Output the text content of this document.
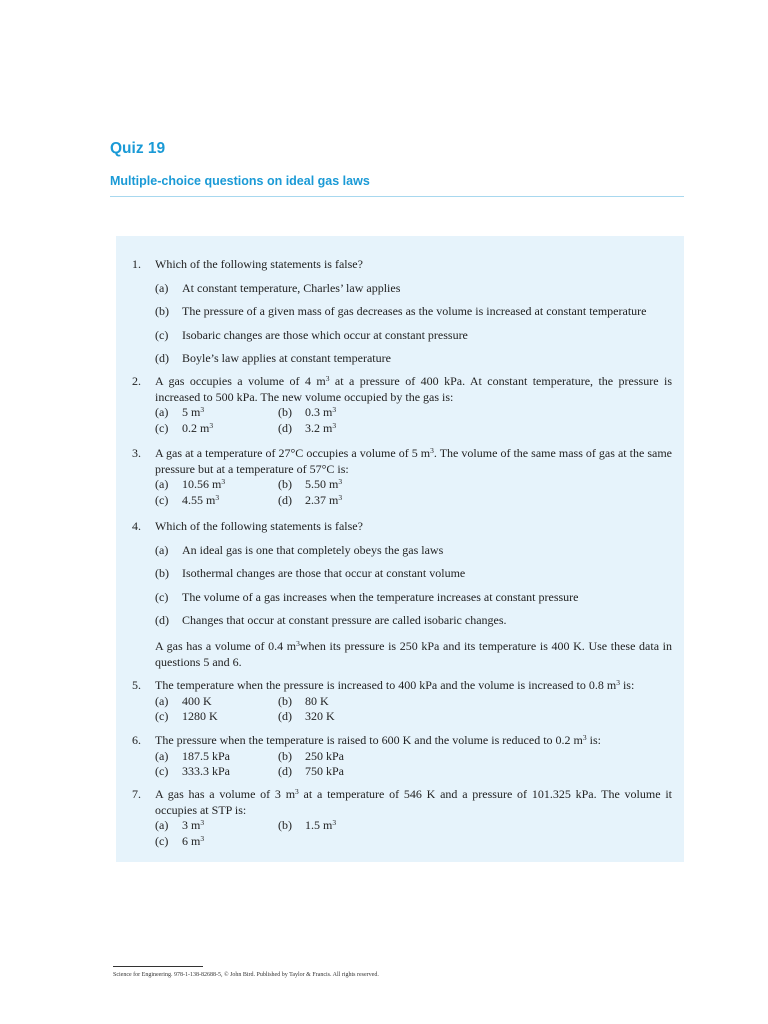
Quiz 19
Multiple-choice questions on ideal gas laws
1.	Which of the following statements is false?
(a) At constant temperature, Charles’ law applies
(b) The pressure of a given mass of gas decreases as the volume is increased at constant temperature
(c) Isobaric changes are those which occur at constant pressure
(d) Boyle’s law applies at constant temperature
2.	A gas occupies a volume of 4 $m^3$ at a pressure of 400 kPa. At constant temperature, the pressure is increased to 500 kPa. The new volume occupied by the gas is:
(a) 5 $m^3$	(b) 0.3 $m^3$
(c) 0.2 $m^3$	(d) 3.2 $m^3$
3.	A gas at a temperature of 27°C occupies a volume of 5 $m^3$. The volume of the same mass of gas at the same pressure but at a temperature of 57°C is:
(a) 10.56 $m^3$	(b) 5.50 $m^3$
(c) 4.55 $m^3$	(d) 2.37 $m^3$
4.	Which of the following statements is false?
(a) An ideal gas is one that completely obeys the gas laws
(b) Isothermal changes are those that occur at constant volume
(c) The volume of a gas increases when the temperature increases at constant pressure
(d) Changes that occur at constant pressure are called isobaric changes.
A gas has a volume of 0.4 $m^3when$ its pressure is 250 kPa and its temperature is 400 K. Use these data in questions 5 and 6.
5.	The temperature when the pressure is increased to 400 kPa and the volume is increased to 0.8 $m^3$ is:
(a) 400 K	(b) 80 K
(c) 1280 K	(d) 320 K
6.	The pressure when the temperature is raised to 600 K and the volume is reduced to 0.2 $m^3$ is:
(a) 187.5 kPa	(b) 250 kPa
(c) 333.3 kPa	(d) 750 kPa
7.	A gas has a volume of 3 $m^3$ at a temperature of 546 K and a pressure of 101.325 kPa. The volume it occupies at STP is:
(a) 3 $m^3$	(b) 1.5 $m^3$
(c) 6 $m^3$
Science for Engineering. 978-1-138-82688-5, © John Bird. Published by Taylor & Francis. All rights reserved.
